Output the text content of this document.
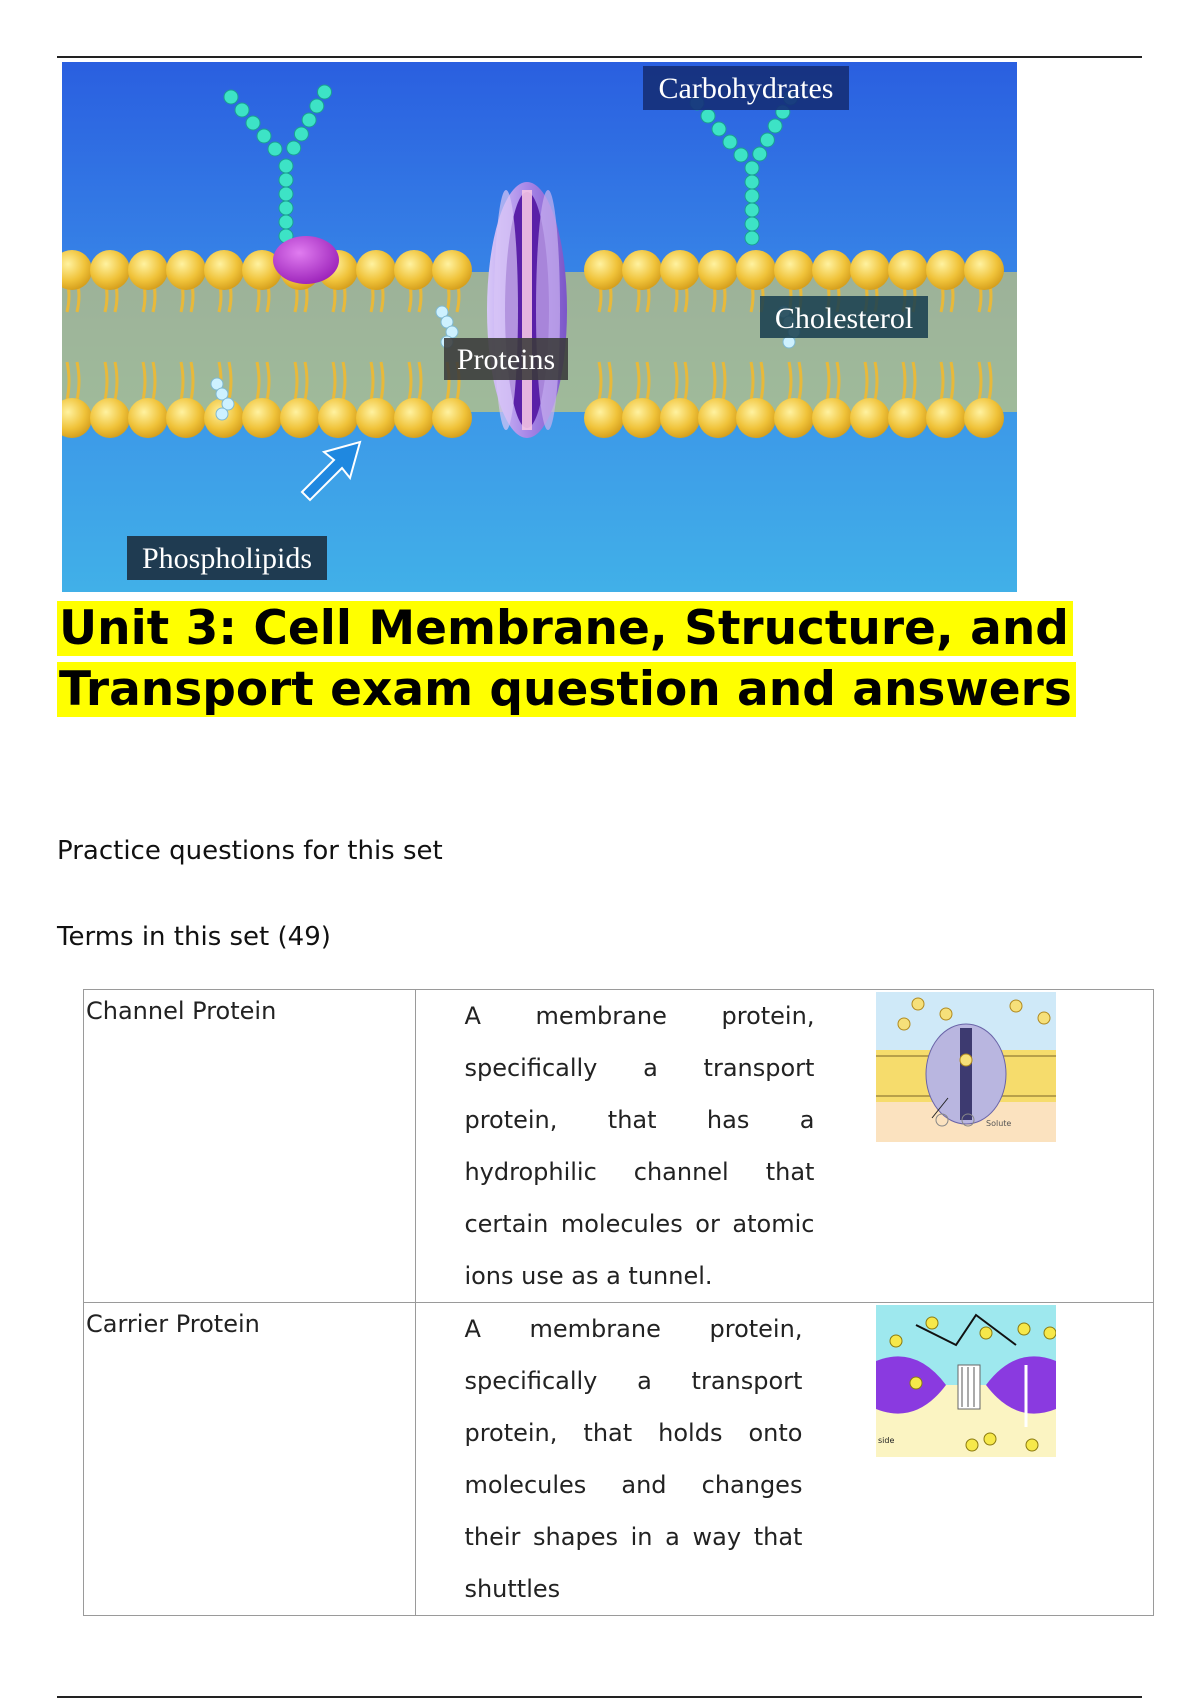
Carbohydrates
Cholesterol
Proteins
Phospholipids
Unit 3: Cell Membrane, Structure, and
Transport exam question and answers
Practice questions for this set
Terms in this set (49)
Channel Protein	A membrane protein, specifically a transport protein, that has a hydrophilic channel that certain molecules or atomic ions use as a tunnel.
Solute

Carrier Protein	A membrane protein, specifically a transport protein, that holds onto molecules and changes their shapes in a way that shuttles
side
